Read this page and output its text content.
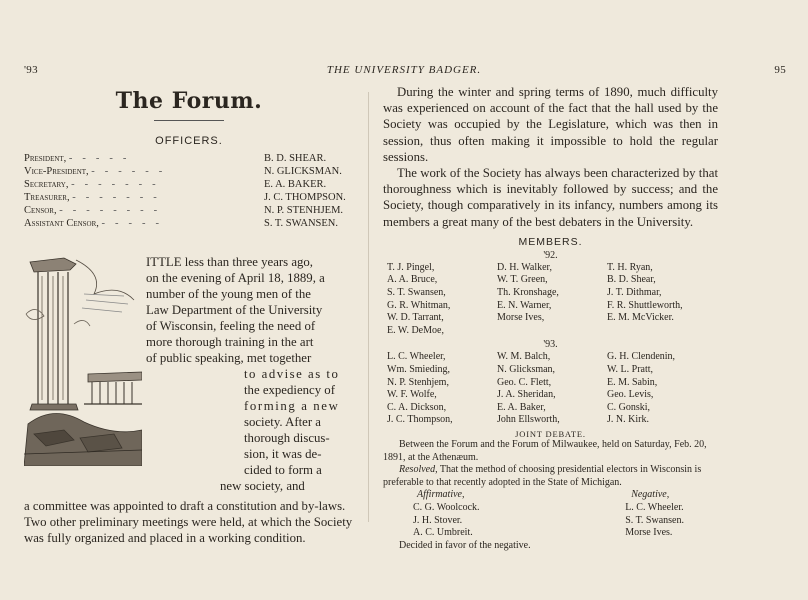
THE UNIVERSITY BADGER.
'93	95
The Forum.
OFFICERS.
President, -----	B. D. SHEAR.
Vice-President, ------	N. GLICKSMAN.
Secretary, -------	E. A. BAKER.
Treasurer, -------	J. C. THOMPSON.
Censor, --------	N. P. STENHJEM.
Assistant Censor, -----	S. T. SWANSEN.
ITTLE less than three years ago,
on the evening of April 18, 1889, a
number of the young men of the
Law Department of the University
of Wisconsin, feeling the need of
more thorough training in the art
of public speaking, met together
to advise as to
the expediency of
forming a new
society. After a
thorough discus-
sion, it was de-
cided to form a
new society, and
a committee was appointed to draft a constitution and by-laws. Two other preliminary meetings were held, at which the Society was fully organized and placed in a working condition.

During the winter and spring terms of 1890, much difficulty was experienced on account of the fact that the hall used by the Society was occupied by the Legislature, which was then in session, thus often making it impossible to hold the regular sessions.

The work of the Society has always been characterized by that thoroughness which is inevitably followed by success; and the Society, though comparatively in its infancy, numbers among its members a great many of the best debaters in the University.

MEMBERS.
'92.
T. J. Pingel,	D. H. Walker,	T. H. Ryan,
A. A. Bruce,	W. T. Green,	B. D. Shear,
S. T. Swansen,	Th. Kronshage,	J. T. Dithmar,
G. R. Whitman,	E. N. Warner,	F. R. Shuttleworth,
W. D. Tarrant,	Morse Ives,	E. M. McVicker.
E. W. DeMoe,
'93.
L. C. Wheeler,	W. M. Balch,	G. H. Clendenin,
Wm. Smieding,	N. Glicksman,	W. L. Pratt,
N. P. Stenhjem,	Geo. C. Flett,	E. M. Sabin,
W. F. Wolfe,	J. A. Sheridan,	Geo. Levis,
C. A. Dickson,	E. A. Baker,	C. Gonski,
J. C. Thompson,	John Ellsworth,	J. N. Kirk.
JOINT DEBATE.

Between the Forum and the Forum of Milwaukee, held on Saturday, Feb. 20, 1891, at the Athenæum.

Resolved, That the method of choosing presidential electors in Wisconsin is preferable to that recently adopted in the State of Michigan.

Affirmative,
C. G. Woolcock.
J. H. Stover.
A. C. Umbreit.
Negative,
L. C. Wheeler.
S. T. Swansen.
Morse Ives.
Decided in favor of the negative.
